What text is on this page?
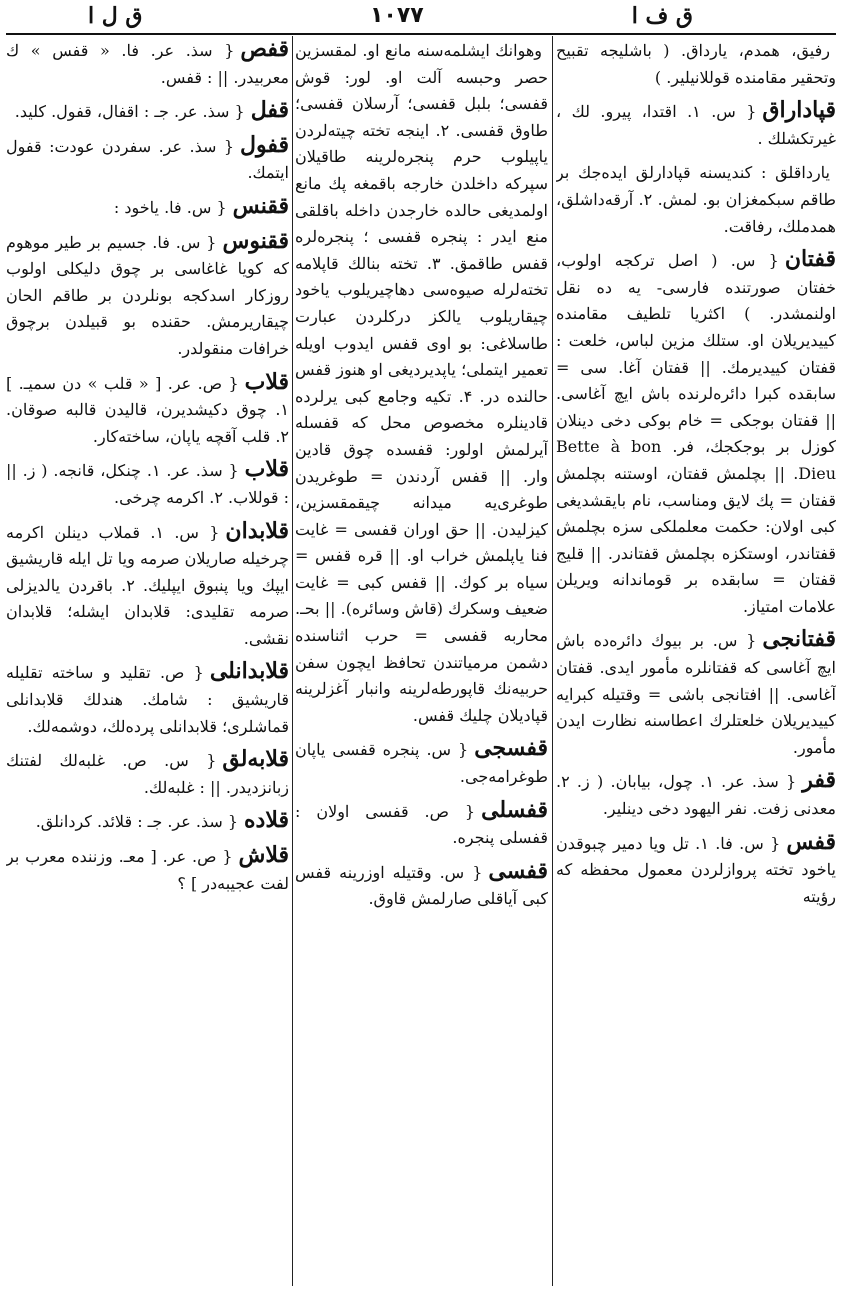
ق ف ا
۱۰۷۷
ق ل ا

رفيق، همدم، يارداق. ( باشلیجه تقبیح وتحقیر مقامنده قوللانیلیر. )

قپاداراق{ س. ۱. اقتدا، پیرو. لك ، غیرتکشلك .

يارداقلق : کندیسنه قپادارلق ایده‌جك بر طاقم سبکمغزان بو. لمش. ۲. آرقه‌داشلق، همدملك، رفاقت.

قفتان{ س. ( اصل ترکجه اولوب، خفتان صورتنده فارسی- یه ده نقل اولنمشدر. ) اکثریا تلطیف مقامنده کییدیریلان او. ستلك مزین لباس، خلعت : قفتان کییدیرمك. || قفتان آغا. سی = سابقده کبرا دائره‌لرنده باش ایچ آغاسی. || قفتان بوجکی = خام بوکی دخی دینلان کوزل بر بوجکجك، فر. Bette à bon Dieu. || بچلمش قفتان، اوستنه بچلمش قفتان = پك لايق ومناسب، نام بایقشدیغی کبی اولان: حکمت معلملکی سزه بچلمش قفتاندر، اوستکزه بچلمش قفتاندر. || قلیج قفتان = سابقده بر قوماندانه ویریلن علامات امتیاز.

قفتانجی{ س. بر بیوك دائره‌ده باش ایچ آغاسی که قفتانلره مأمور ایدی. قفتان آغاسی. || افتانجی باشی = وقتیله کبرایه کییدیریلان خلعتلرك اعطاسنه نظارت ایدن مأمور.

قفر{ سذ. عر. ۱. چول، بیابان. ( ز. ۲. معدنی زفت. نفر الیهود دخی دینلیر.

قفس{ س. فا. ۱. تل ویا دمیر چبوقدن یاخود تخته پروازلردن معمول محفظه که رؤیته

وهوانك ایشلمه‌سنه مانع او. لمقسزین حصر وحبسه آلت او. لور: قوش قفسی؛ بلبل قفسی؛ آرسلان قفسی؛ طاوق قفسی. ۲. اینجه تخته چیته‌لردن یاپیلوب حرم پنجره‌لرینه طاقیلان سپرکه داخلدن خارجه باقمغه پك مانع اولمدیغی حالده خارجدن داخله باقلقی منع ایدر : پنجره قفسی ؛ پنجره‌لره قفس طاقمق. ۳. تخته بنالك قاپلامه تخته‌لرله صیوه‌سی دهاچیریلوب یاخود چیقاریلوب یالکز درکلردن عبارت طاسلاغی: بو اوی قفس ایدوب اویله تعمیر ایتملی؛ یاپدیردیغی او هنوز قفس حالنده در. ۴. تکیه وجامع کبی یرلرده قادینلره مخصوص محل که قفسله آیرلمش اولور: قفسده چوق قادین وار. || قفس آردندن = طوغریدن طوغری‌یه میدانه چیقمقسزین، کیزلیدن. || حق اوران قفسی = غایت فنا یاپلمش خراب او. || قره قفس = سیاه بر کوك. || قفس کبی = غایت ضعیف وسکرك (قاش وسائره). || بحـ. محاربه قفسی = حرب اثناسنده دشمن مرمیاتندن تحافظ ایچون سفن حربیه‌نك قاپورطه‌لرینه وانبار آغزلرینه قپادیلان چلیك قفس.

قفسجی{ س. پنجره قفسی یاپان طوغرامه‌جی.

قفسلی{ ص. قفسی اولان : قفسلی پنجره.

قفسی{ س. وقتیله اوزرینه قفس کبی آیاقلی صارلمش قاوق.

قفص{ سذ. عر. فا. « قفس » ك معربیدر. || : قفس.

قفل{ سذ. عر. جـ : اقفال، قفول. کلید.

قفول{ سذ. عر. سفردن عودت: قفول ایتمك.

ققنس{ س. فا. یاخود :

ققنوس{ س. فا. جسیم بر طیر موهوم که کویا غاغاسی بر چوق دلیکلی اولوب روزکار اسدکجه بونلردن بر طاقم الحان چیقاریرمش. حقنده بو قبیلدن برچوق خرافات منقولدر.

قلاب{ ص. عر. [ « قلب » دن سمیـ. ] ۱. چوق دکیشدیرن، قالیدن قالبه صوقان. ۲. قلب آقچه یاپان، ساخته‌کار.

قلاب{ سذ. عر. ۱. چنکل، قانجه. ( ز. || : قوللاب. ۲. اکرمه چرخی.

قلابدان{ س. ۱. قملاب دینلن اکرمه چرخیله صاریلان صرمه ویا تل ایله قاریشیق ایپك ویا پنبوق ایپلیك. ۲. باقردن یالدیزلی صرمه تقلیدی: قلابدان ایشله؛ قلابدان نقشی.

قلابدانلی{ ص. تقلید و ساخته تقلیله قاریشیق : شامك. هندلك قلابدانلی قماشلری؛ قلابدانلی پرده‌لك، دوشمه‌لك.

قلابه‌لق{ س. ص. غلبه‌لك لفتنك زبانزدیدر. || : غلبه‌لك.

قلاده{ سذ. عر. جـ : قلائد. کردانلق.

قلاش{ ص. عر. [ معـ. وزننده معرب بر لفت عجیبه‌در ] ؟
